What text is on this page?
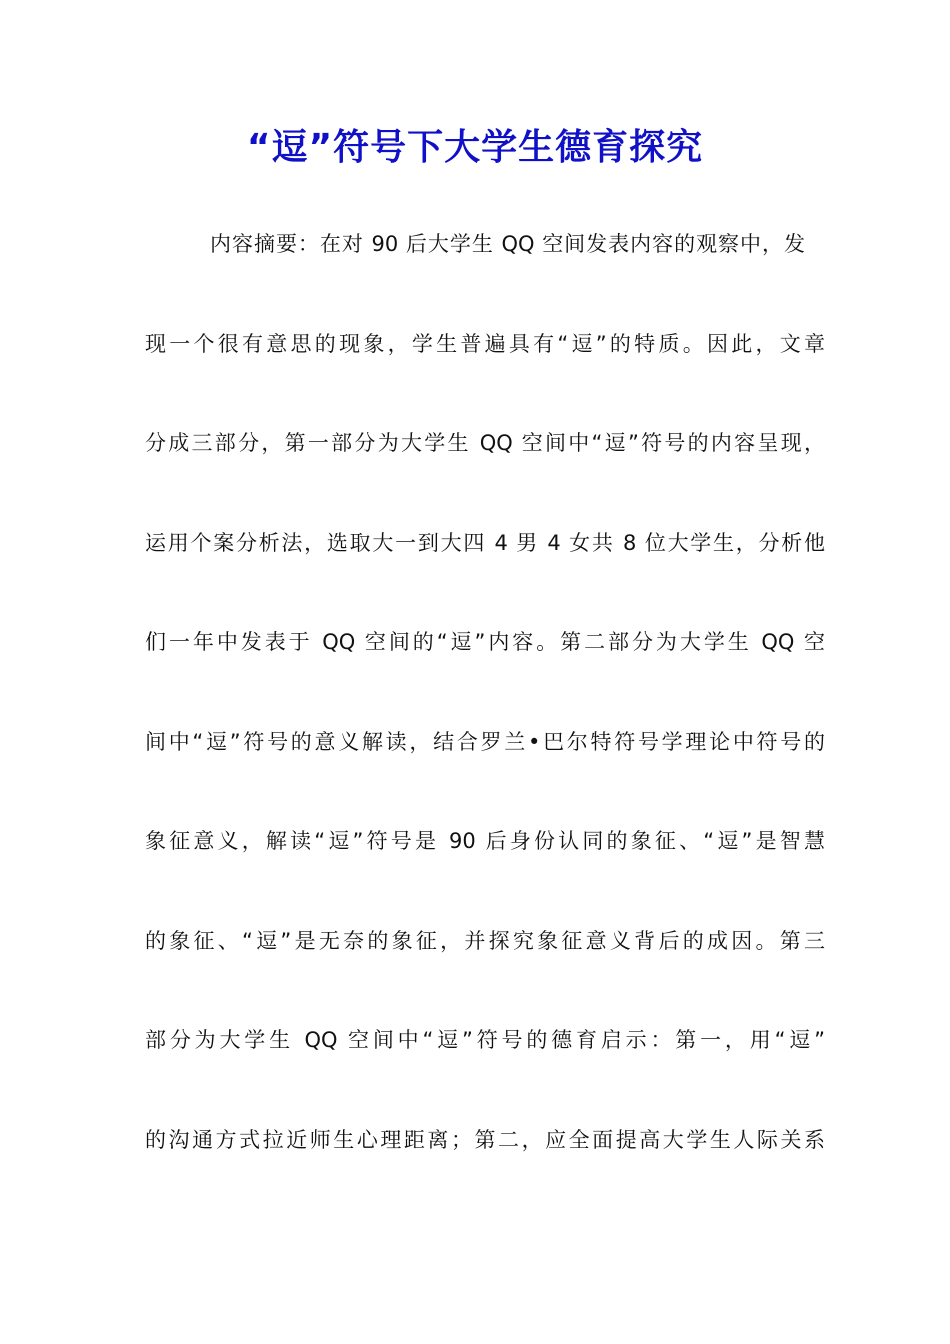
“逗”符号下大学生德育探究
内容摘要：在对 90 后大学生 QQ 空间发表内容的观察中，发
现一个很有意思的现象，学生普遍具有“逗”的特质。因此，文章
分成三部分，第一部分为大学生 QQ 空间中“逗”符号的内容呈现，
运用个案分析法，选取大一到大四 4 男 4 女共 8 位大学生，分析他
们一年中发表于 QQ 空间的“逗”内容。第二部分为大学生 QQ 空
间中“逗”符号的意义解读，结合罗兰•巴尔特符号学理论中符号的
象征意义，解读“逗”符号是 90 后身份认同的象征、“逗”是智慧
的象征、“逗”是无奈的象征，并探究象征意义背后的成因。第三
部分为大学生 QQ 空间中“逗”符号的德育启示：第一，用“逗”
的沟通方式拉近师生心理距离；第二，应全面提高大学生人际关系
